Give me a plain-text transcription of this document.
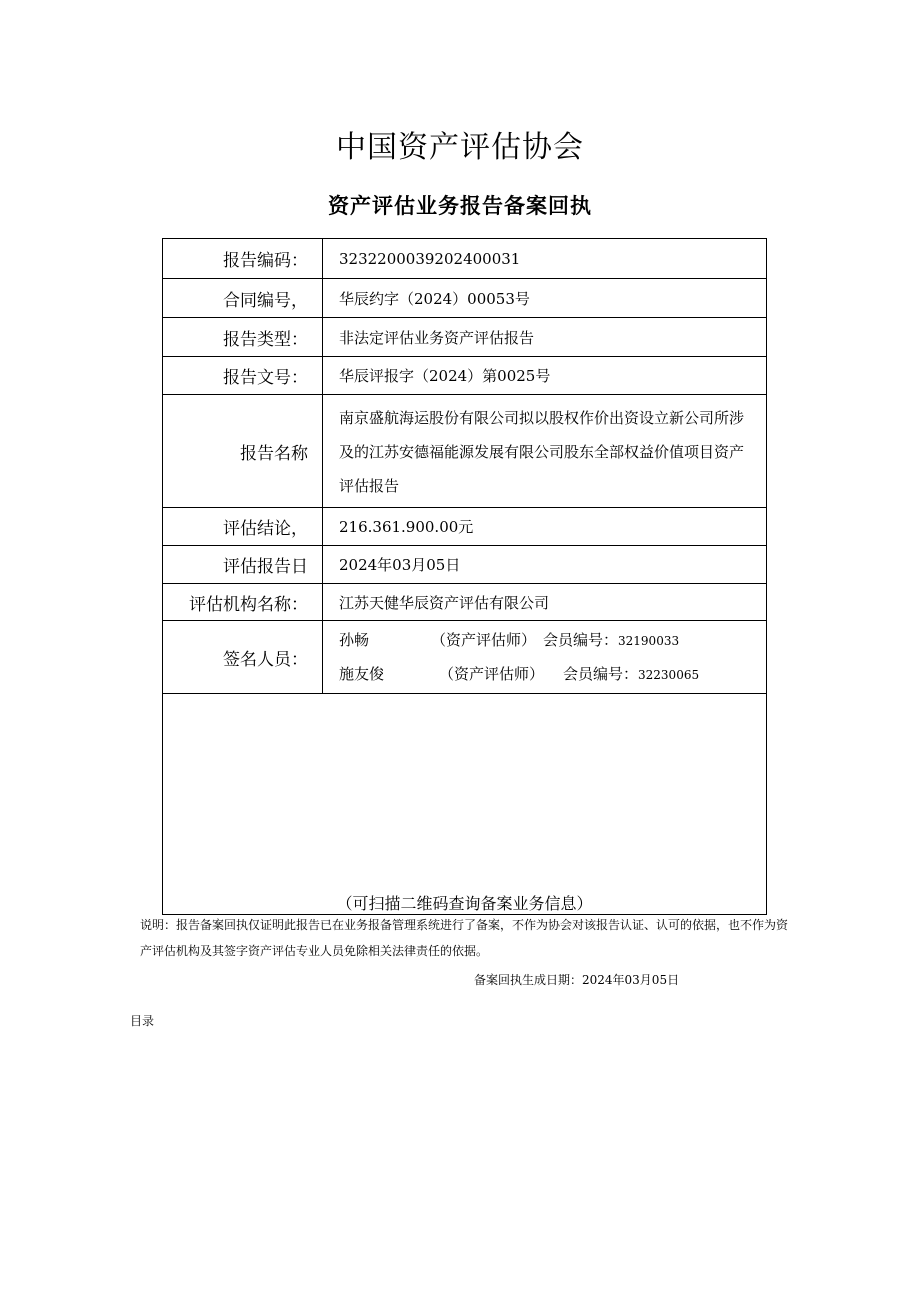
中国资产评估协会
资产评估业务报告备案回执
报告编码：	3232200039202400031
合同编号，	华辰约字（2024）00053号
报告类型：	非法定评估业务资产评估报告
报告文号：	华辰评报字（2024）第0025号
报告名称	南京盛航海运股份有限公司拟以股权作价出资设立新公司所涉及的江苏安德福能源发展有限公司股东全部权益价值项目资产评估报告

评估结论，	216.361.900.00元
评估报告日	2024年03月05日
评估机构名称：	江苏天健华辰资产评估有限公司
签名人员：	孙畅 （资产评估师） 会员编号：32190033
施友俊 （资产评估师） 会员编号：32230065

（可扫描二维码查询备案业务信息）	
说明：报告备案回执仅证明此报告已在业务报备管理系统进行了备案，不作为协会对该报告认证、认可的依据，也不作为资产评估机构及其签字资产评估专业人员免除相关法律责任的依据。
备案回执生成日期：2024年03月05日
目录
